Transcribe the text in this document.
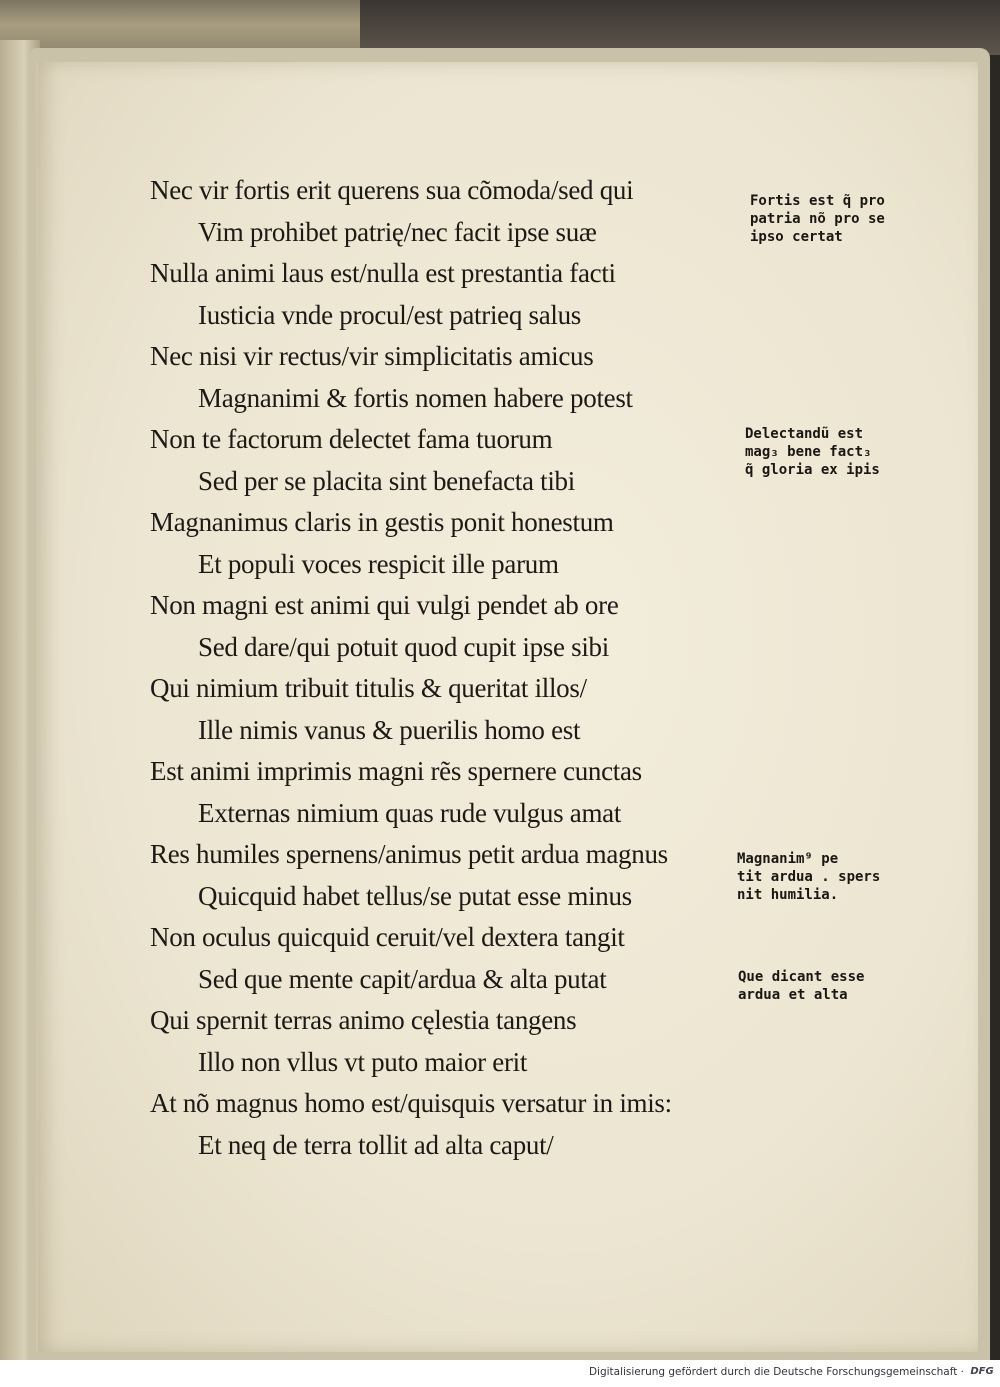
Nec vir fortis erit querens sua cõmoda/sed qui
Vim prohibet patrię/nec facit ipse suæ
Nulla animi laus est/nulla est prestantia facti
Iusticia vnde procul/est patrieq salus
Nec nisi vir rectus/vir simplicitatis amicus
Magnanimi & fortis nomen habere potest
Non te factorum delectet fama tuorum
Sed per se placita sint benefacta tibi
Magnanimus claris in gestis ponit honestum
Et populi voces respicit ille parum
Non magni est animi qui vulgi pendet ab ore
Sed dare/qui potuit quod cupit ipse sibi
Qui nimium tribuit titulis & queritat illos/
Ille nimis vanus & puerilis homo est
Est animi imprimis magni rẽs spernere cunctas
Externas nimium quas rude vulgus amat
Res humiles spernens/animus petit ardua magnus
Quicquid habet tellus/se putat esse minus
Non oculus quicquid ceruit/vel dextera tangit
Sed que mente capit/ardua & alta putat
Qui spernit terras animo cęlestia tangens
Illo non vllus vt puto maior erit
At nõ magnus homo est/quisquis versatur in imis:
Et neq de terra tollit ad alta caput/
Fortis est q̃ pro
patria nõ pro se
ipso certat
Delectandũ est
mag₃ bene fact₃
q̃ gloria ex ipis
Magnanim⁹ pe
tit ardua . spers
nit humilia.
Que dicant esse
ardua et alta
Digitalisierung gefördert durch die Deutsche Forschungsgemeinschaft · DFG
